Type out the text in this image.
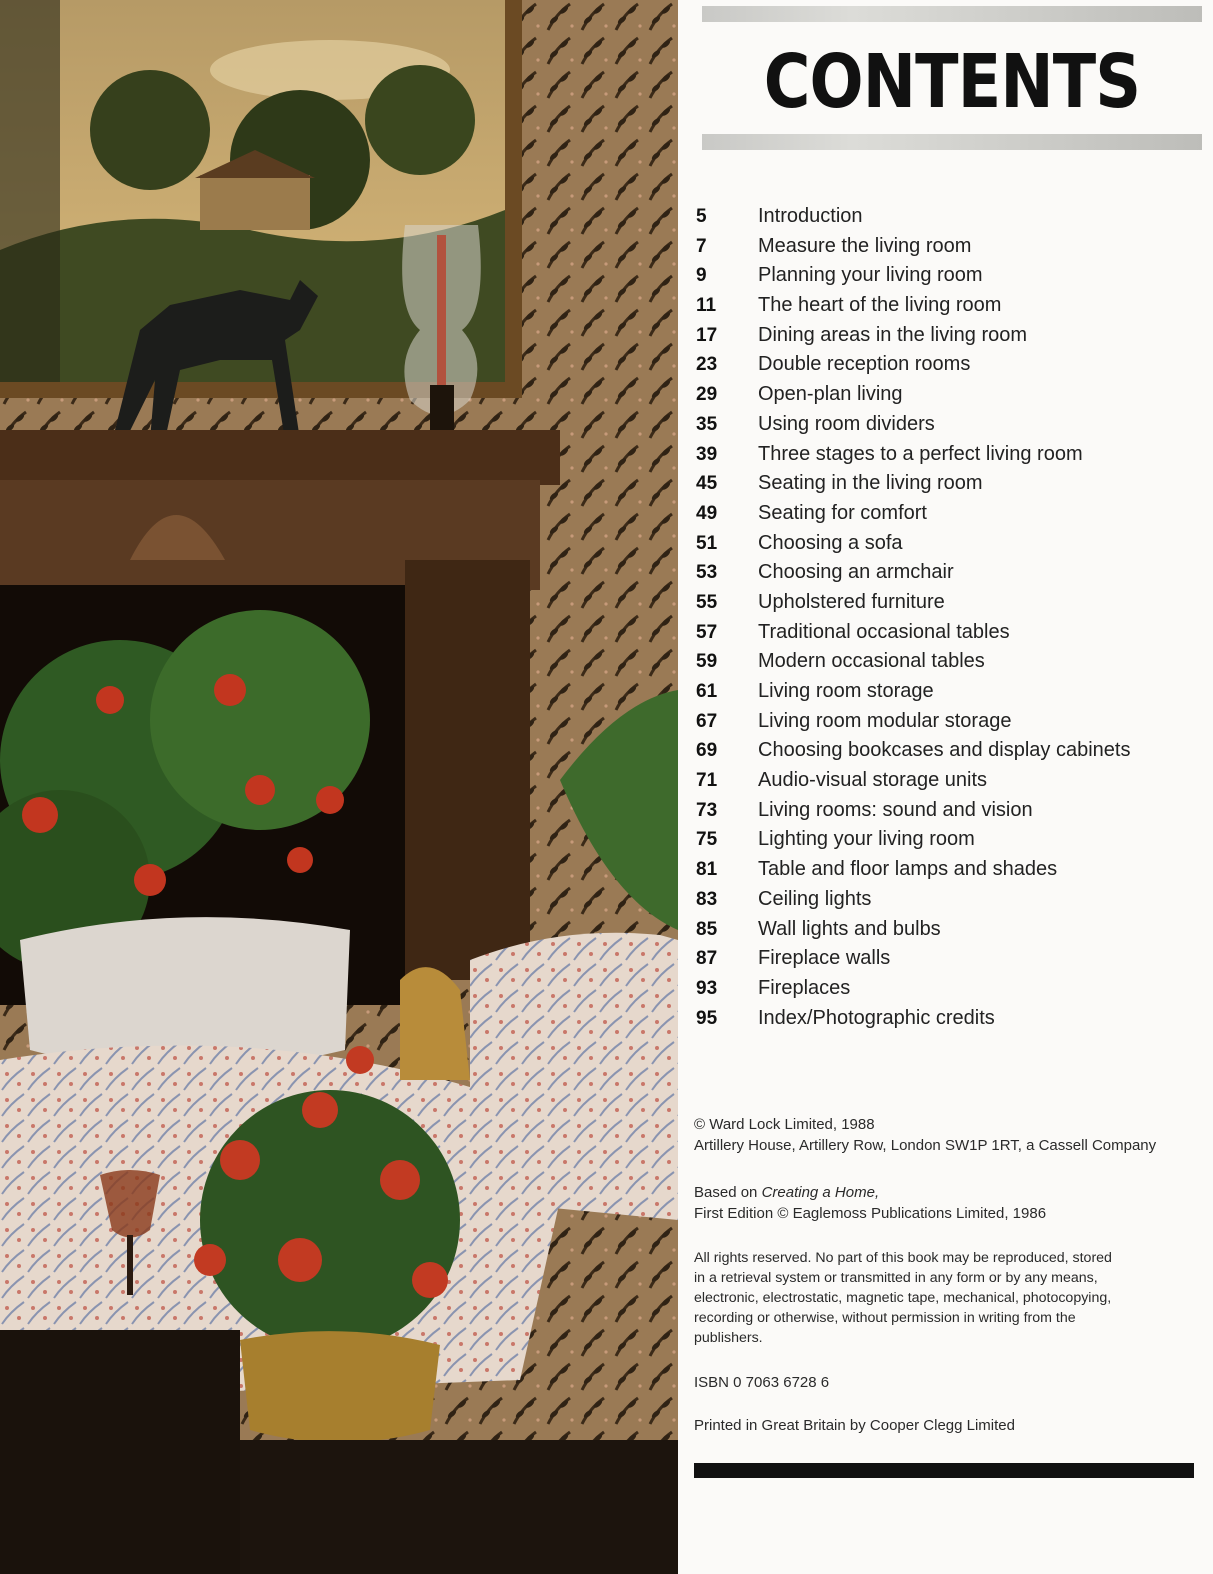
CONTENTS
5	Introduction
7	Measure the living room
9	Planning your living room
11	The heart of the living room
17	Dining areas in the living room
23	Double reception rooms
29	Open-plan living
35	Using room dividers
39	Three stages to a perfect living room
45	Seating in the living room
49	Seating for comfort
51	Choosing a sofa
53	Choosing an armchair
55	Upholstered furniture
57	Traditional occasional tables
59	Modern occasional tables
61	Living room storage
67	Living room modular storage
69	Choosing bookcases and display cabinets
71	Audio-visual storage units
73	Living rooms: sound and vision
75	Lighting your living room
81	Table and floor lamps and shades
83	Ceiling lights
85	Wall lights and bulbs
87	Fireplace walls
93	Fireplaces
95	Index/Photographic credits

© Ward Lock Limited, 1988

Artillery House, Artillery Row, London SW1P 1RT, a Cassell Company

Based on Creating a Home,

First Edition © Eaglemoss Publications Limited, 1986

All rights reserved. No part of this book may be reproduced, stored

in a retrieval system or transmitted in any form or by any means,

electronic, electrostatic, magnetic tape, mechanical, photocopying,

recording or otherwise, without permission in writing from the

publishers.

ISBN 0 7063 6728 6

Printed in Great Britain by Cooper Clegg Limited
